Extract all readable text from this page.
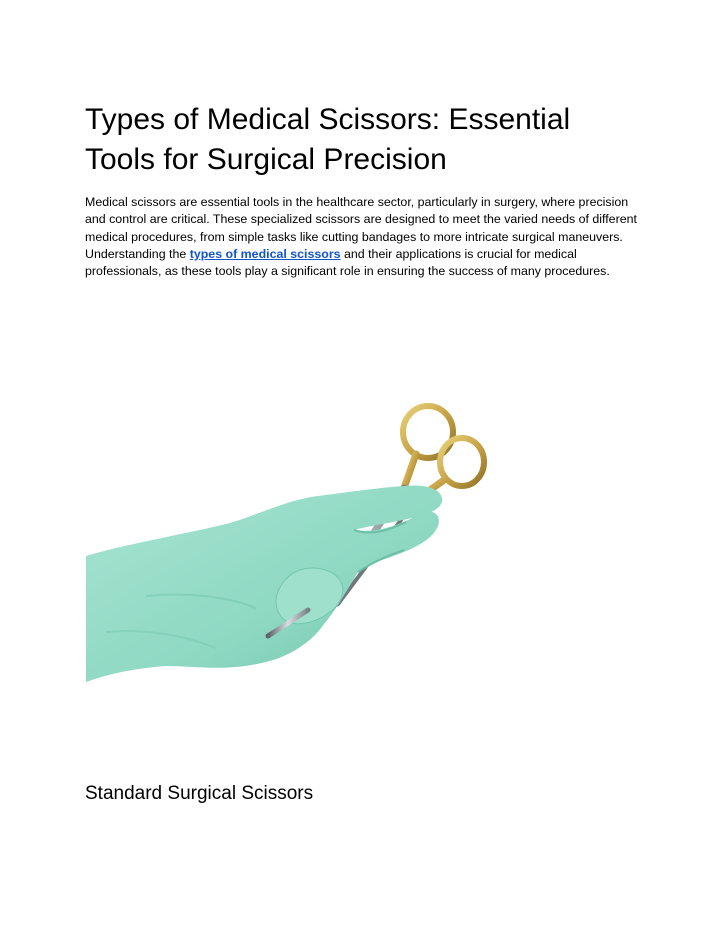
Types of Medical Scissors: Essential Tools for Surgical Precision

Medical scissors are essential tools in the healthcare sector, particularly in surgery, where precision and control are critical. These specialized scissors are designed to meet the varied needs of different medical procedures, from simple tasks like cutting bandages to more intricate surgical maneuvers. Understanding the types of medical scissors and their applications is crucial for medical professionals, as these tools play a significant role in ensuring the success of many procedures.

Standard Surgical Scissors
